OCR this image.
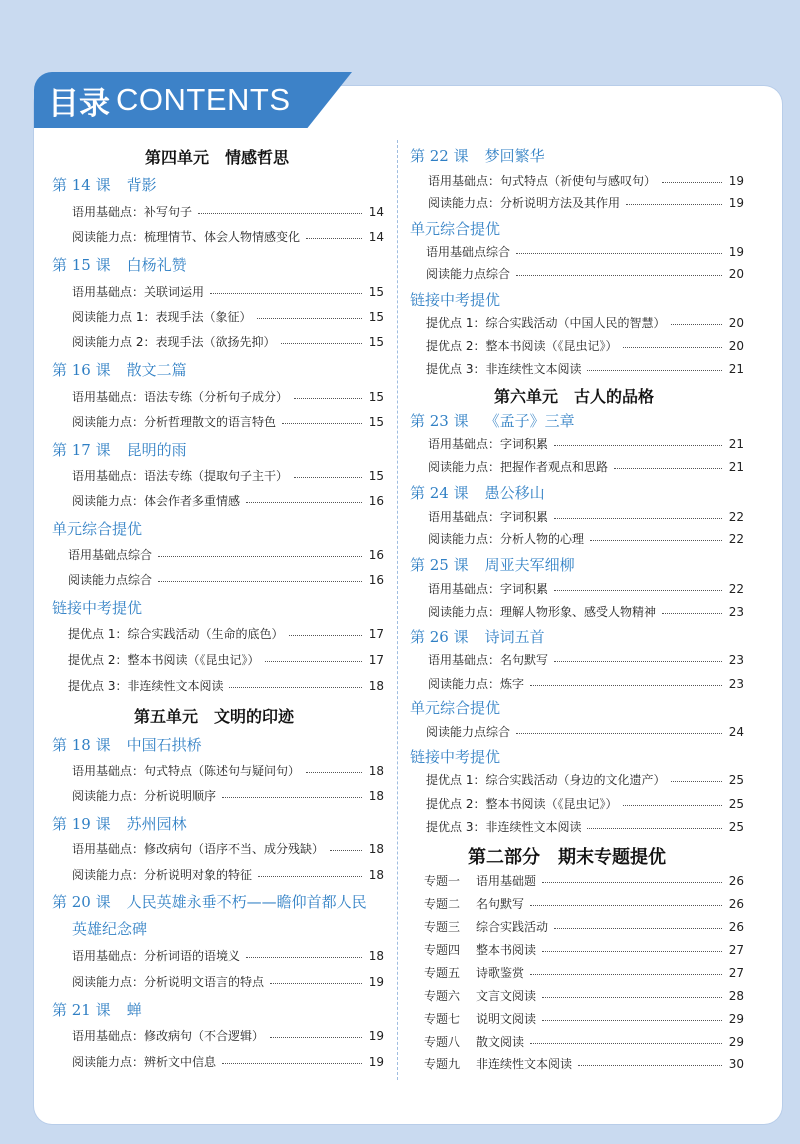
目录 CONTENTS
第四单元　情感哲思
第 14 课 背影
语用基础点：补写句子	14
阅读能力点：梳理情节、体会人物情感变化	14
第 15 课 白杨礼赞
语用基础点：关联词运用	15
阅读能力点 1：表现手法（象征）	15
阅读能力点 2：表现手法（欲扬先抑）	15
第 16 课 散文二篇
语用基础点：语法专练（分析句子成分）	15
阅读能力点：分析哲理散文的语言特色	15
第 17 课 昆明的雨
语用基础点：语法专练（提取句子主干）	15
阅读能力点：体会作者多重情感	16
单元综合提优
语用基础点综合	16
阅读能力点综合	16
链接中考提优
提优点 1：综合实践活动（生命的底色）	17
提优点 2：整本书阅读（《昆虫记》）	17
提优点 3：非连续性文本阅读	18
第五单元　文明的印迹
第 18 课 中国石拱桥
语用基础点：句式特点（陈述句与疑问句）	18
阅读能力点：分析说明顺序	18
第 19 课 苏州园林
语用基础点：修改病句（语序不当、成分残缺）	18
阅读能力点：分析说明对象的特征	18
第 20 课 人民英雄永垂不朽——瞻仰首都人民
英雄纪念碑
语用基础点：分析词语的语境义	18
阅读能力点：分析说明文语言的特点	19
第 21 课 蝉
语用基础点：修改病句（不合逻辑）	19
阅读能力点：辨析文中信息	19
第 22 课 梦回繁华
语用基础点：句式特点（祈使句与感叹句）	19
阅读能力点：分析说明方法及其作用	19
单元综合提优
语用基础点综合	19
阅读能力点综合	20
链接中考提优
提优点 1：综合实践活动（中国人民的智慧）	20
提优点 2：整本书阅读（《昆虫记》）	20
提优点 3：非连续性文本阅读	21
第六单元　古人的品格
第 23 课 《孟子》三章
语用基础点：字词积累	21
阅读能力点：把握作者观点和思路	21
第 24 课 愚公移山
语用基础点：字词积累	22
阅读能力点：分析人物的心理	22
第 25 课 周亚夫军细柳
语用基础点：字词积累	22
阅读能力点：理解人物形象、感受人物精神	23
第 26 课 诗词五首
语用基础点：名句默写	23
阅读能力点：炼字	23
单元综合提优
阅读能力点综合	24
链接中考提优
提优点 1：综合实践活动（身边的文化遗产）	25
提优点 2：整本书阅读（《昆虫记》）	25
提优点 3：非连续性文本阅读	25
第二部分　期末专题提优
专题一 语用基础题	26
专题二 名句默写	26
专题三 综合实践活动	26
专题四 整本书阅读	27
专题五 诗歌鉴赏	27
专题六 文言文阅读	28
专题七 说明文阅读	29
专题八 散文阅读	29
专题九 非连续性文本阅读	30
